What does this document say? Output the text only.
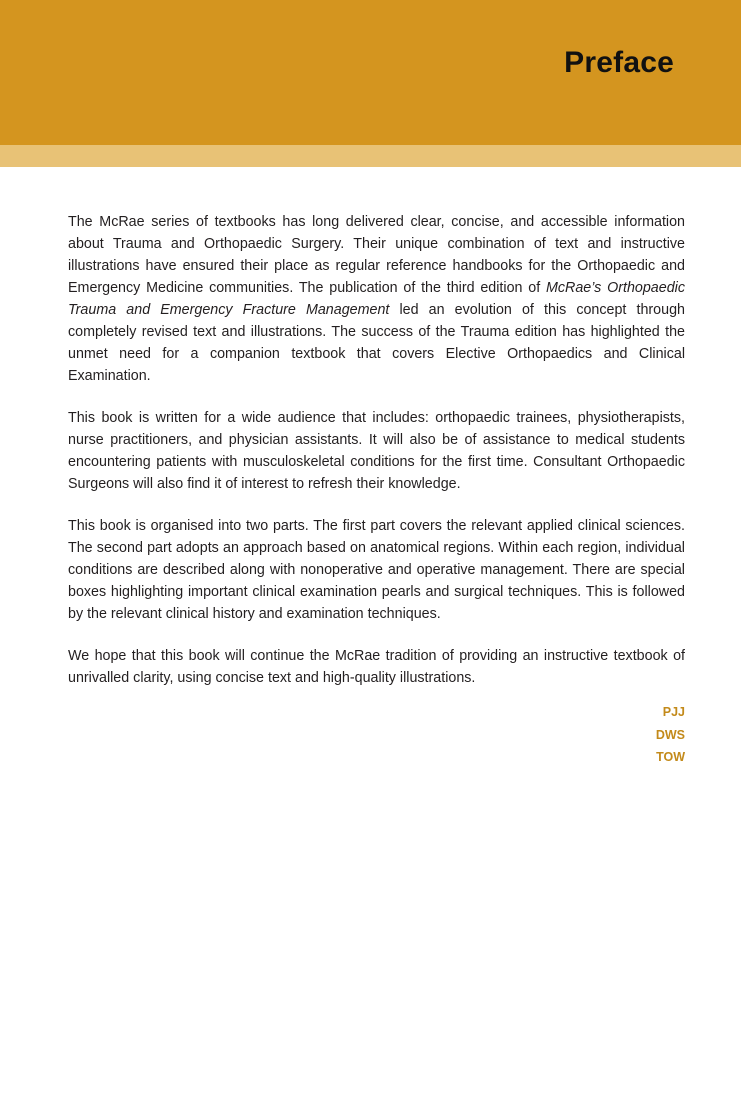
Preface

The McRae series of textbooks has long delivered clear, concise, and accessible information about Trauma and Orthopaedic Surgery. Their unique combination of text and instructive illustrations have ensured their place as regular reference handbooks for the Orthopaedic and Emergency Medicine communities. The publication of the third edition of McRae’s Orthopaedic Trauma and Emergency Fracture Management led an evolution of this concept through completely revised text and illustrations. The success of the Trauma edition has highlighted the unmet need for a companion textbook that covers Elective Orthopaedics and Clinical Examination.

This book is written for a wide audience that includes: orthopaedic trainees, physiotherapists, nurse practitioners, and physician assistants. It will also be of assistance to medical students encountering patients with musculoskeletal conditions for the first time. Consultant Orthopaedic Surgeons will also find it of interest to refresh their knowledge.

This book is organised into two parts. The first part covers the relevant applied clinical sciences. The second part adopts an approach based on anatomical regions. Within each region, individual conditions are described along with nonoperative and operative management. There are special boxes highlighting important clinical examination pearls and surgical techniques. This is followed by the relevant clinical history and examination techniques.

We hope that this book will continue the McRae tradition of providing an instructive textbook of unrivalled clarity, using concise text and high-quality illustrations.

PJJ
DWS
TOW
